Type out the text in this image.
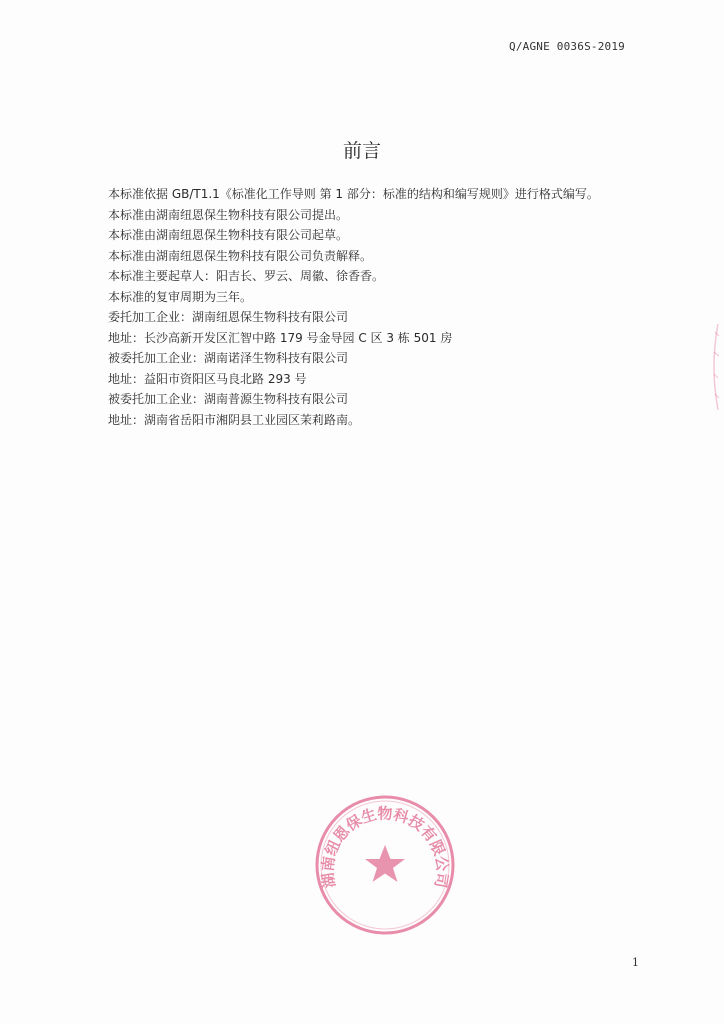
Q/AGNE 0036S-2019
前言
本标准依据 GB/T1.1《标准化工作导则 第 1 部分：标准的结构和编写规则》进行格式编写。
本标准由湖南纽恩保生物科技有限公司提出。
本标准由湖南纽恩保生物科技有限公司起草。
本标准由湖南纽恩保生物科技有限公司负责解释。
本标准主要起草人：阳吉长、罗云、周徽、徐香香。
本标准的复审周期为三年。
委托加工企业：湖南纽恩保生物科技有限公司
地址：长沙高新开发区汇智中路 179 号金导园 C 区 3 栋 501 房
被委托加工企业：湖南诺泽生物科技有限公司
地址：益阳市资阳区马良北路 293 号
被委托加工企业：湖南普源生物科技有限公司
地址：湖南省岳阳市湘阴县工业园区茉莉路南。
湖南纽恩保生物科技有限公司
1
